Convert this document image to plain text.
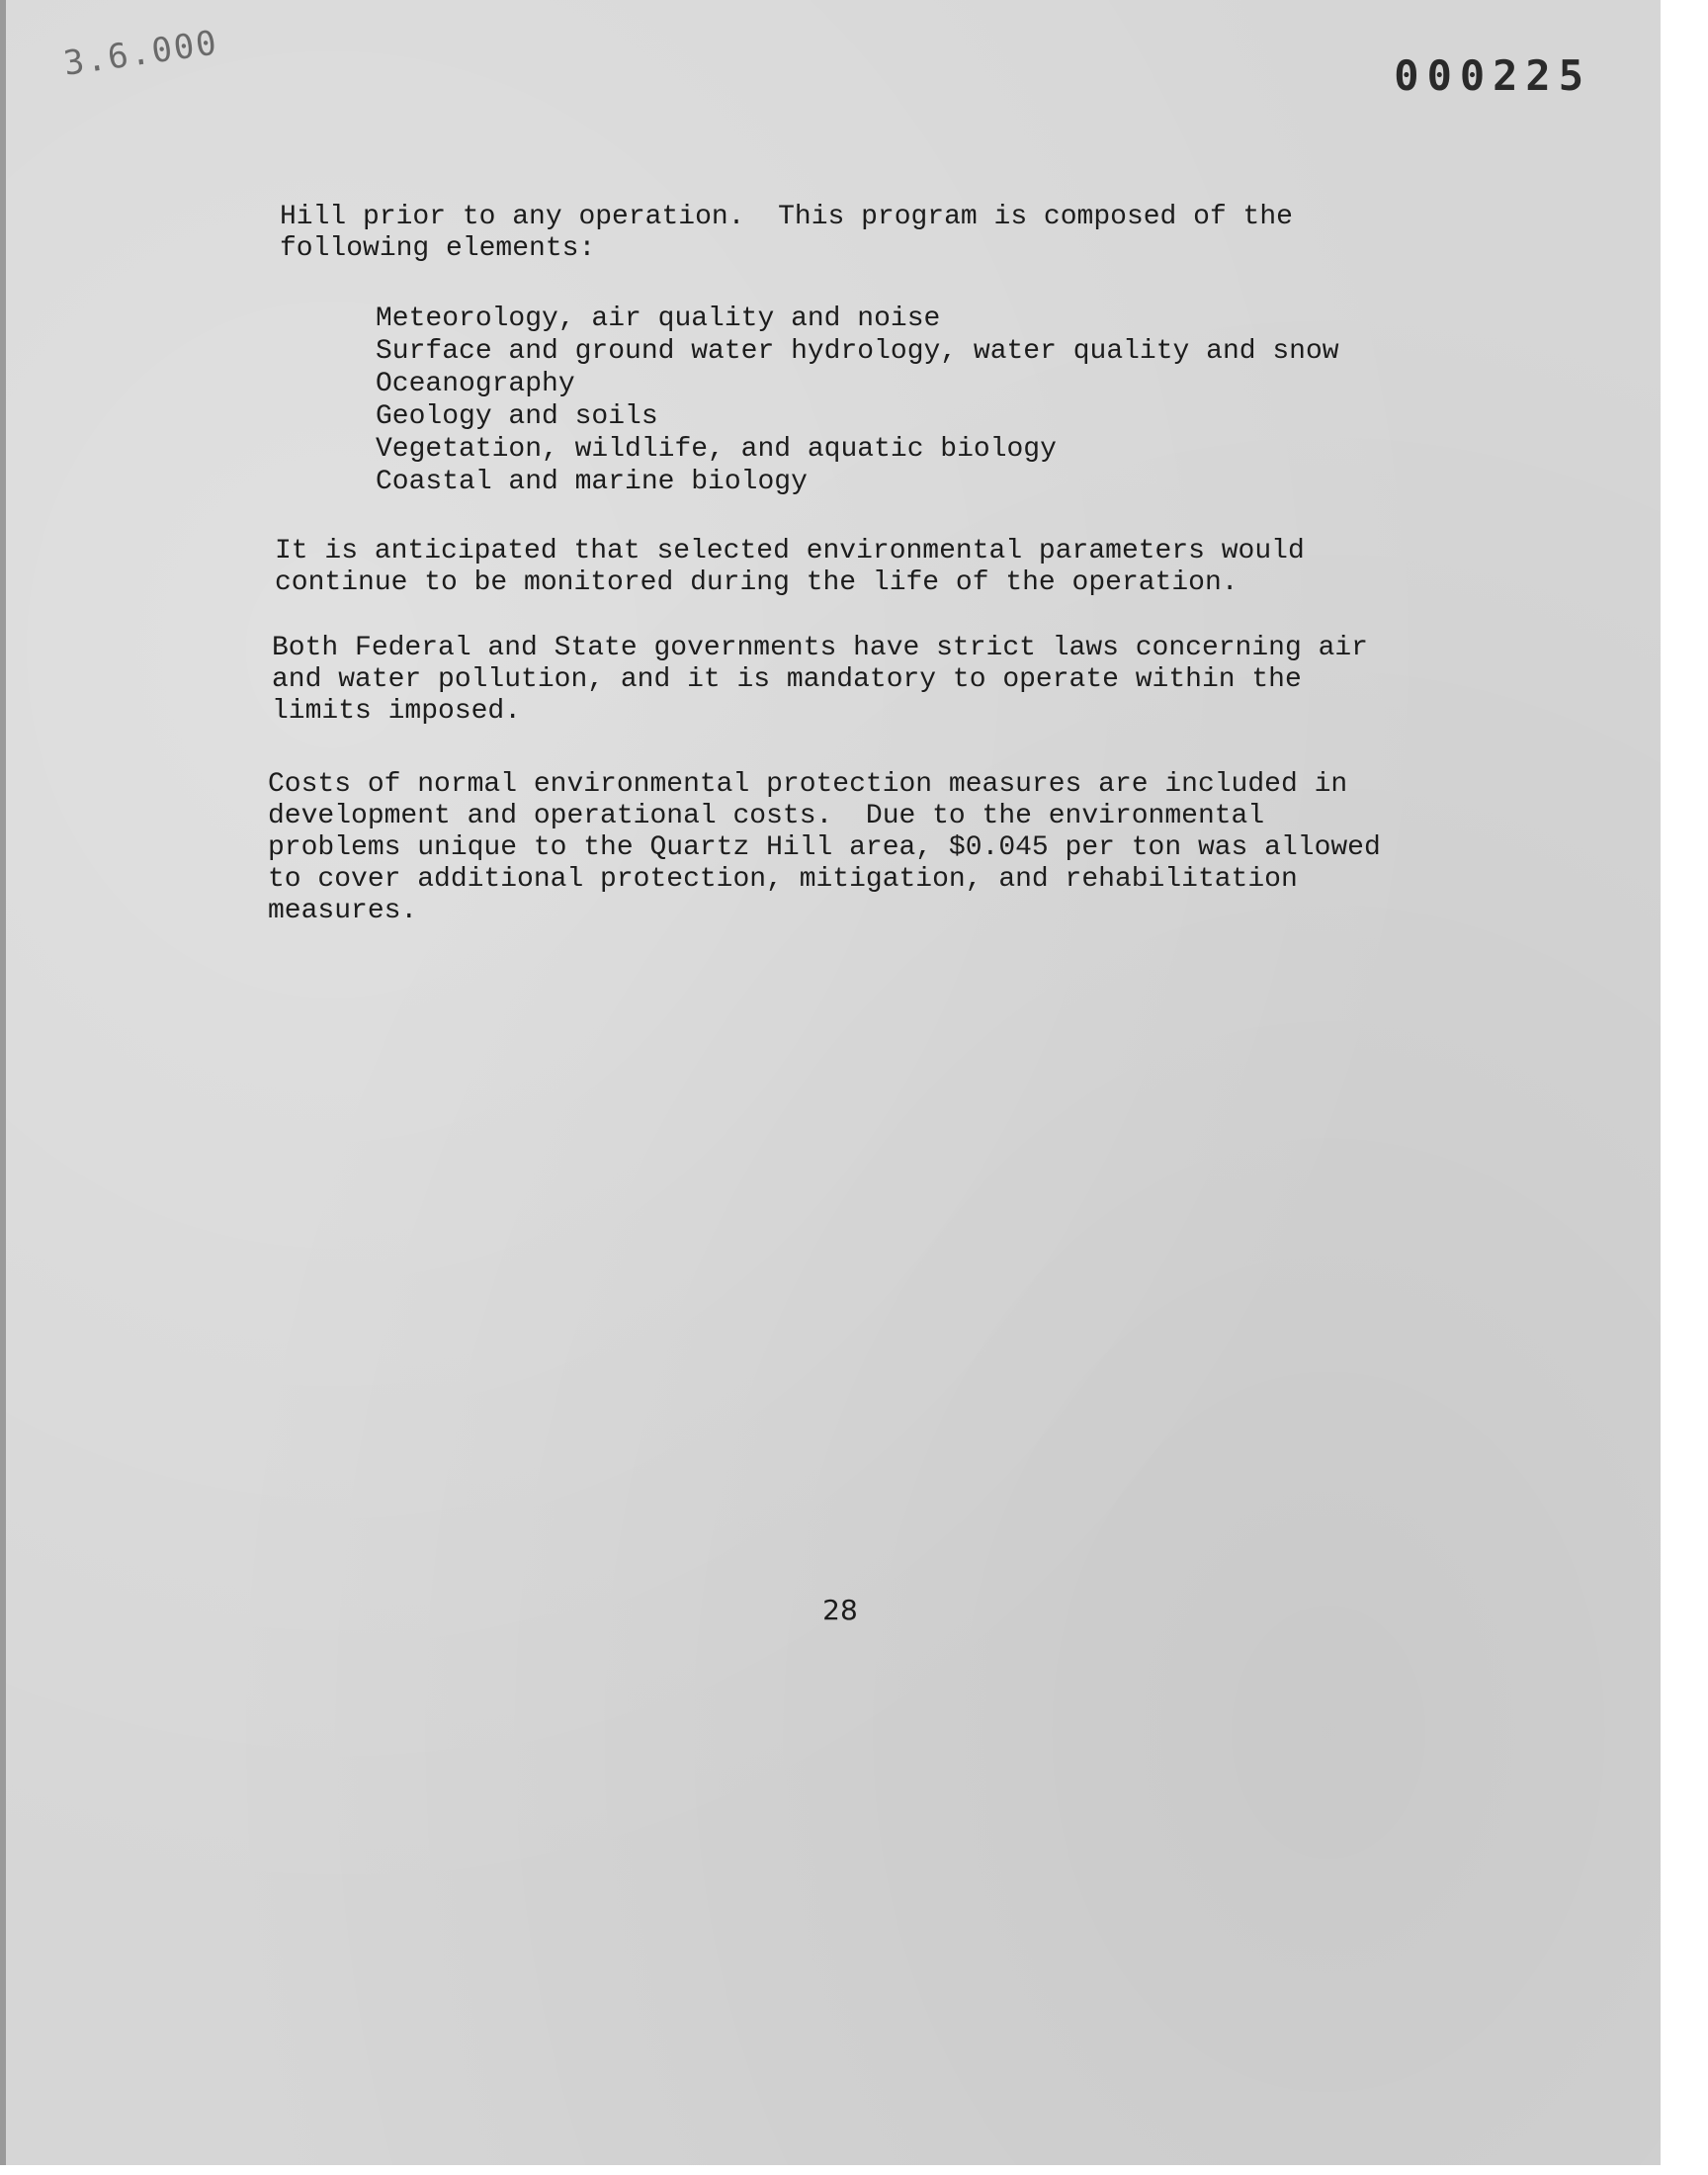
3.6.000	000225
Hill prior to any operation.  This program is composed of the following elements:
Meteorology, air quality and noise
Surface and ground water hydrology, water quality and snow
Oceanography
Geology and soils
Vegetation, wildlife, and aquatic biology
Coastal and marine biology
It is anticipated that selected environmental parameters would continue to be monitored during the life of the operation.
Both Federal and State governments have strict laws concerning air and water pollution, and it is mandatory to operate within the limits imposed.
Costs of normal environmental protection measures are included in development and operational costs.  Due to the environmental problems unique to the Quartz Hill area, $0.045 per ton was allowed to cover additional protection, mitigation, and rehabilitation measures.
28
